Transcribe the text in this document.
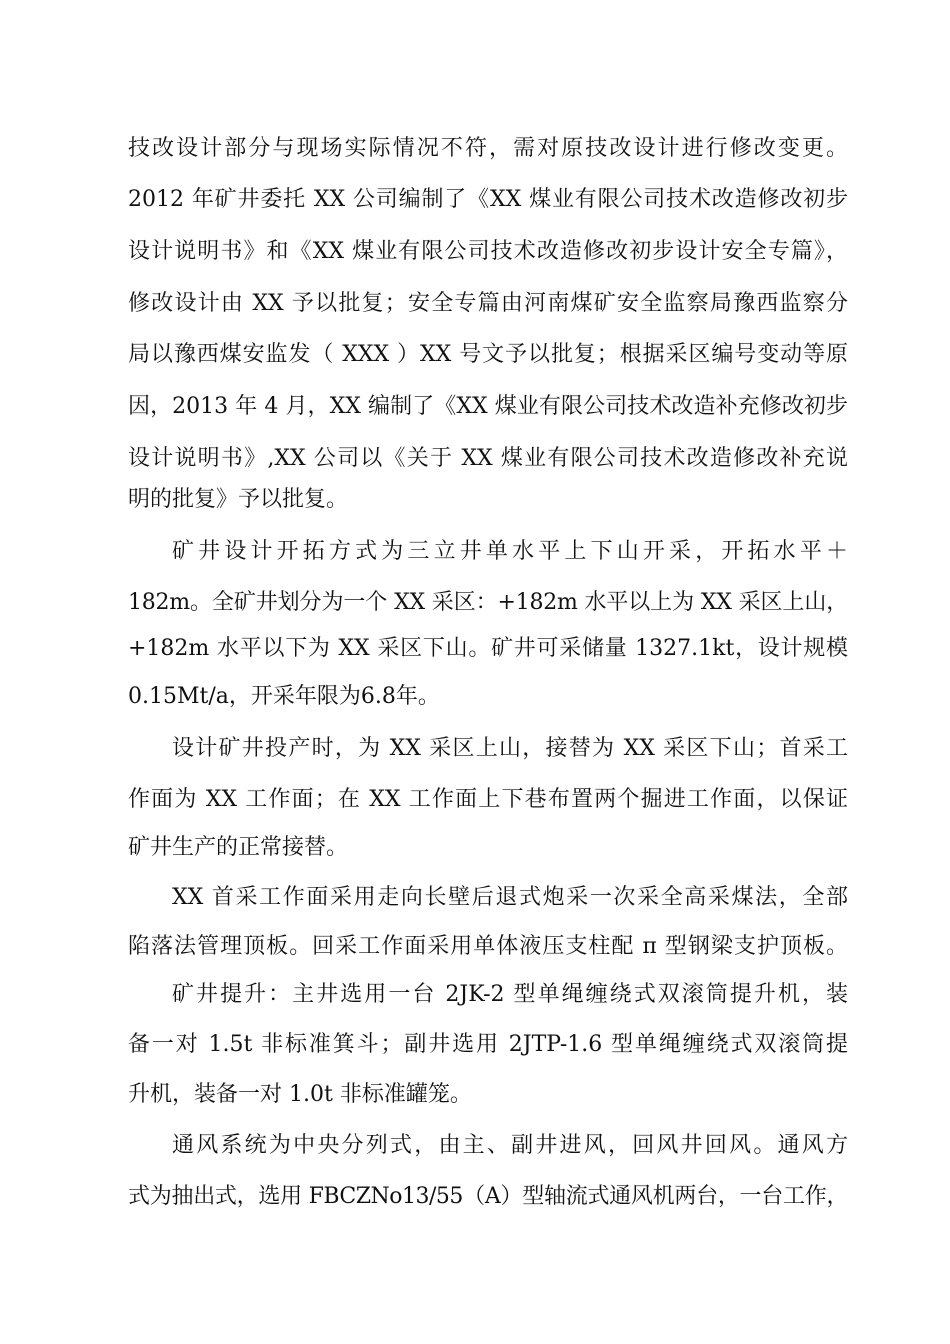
技改设计部分与现场实际情况不符，需对原技改设计进行修改变更。
2012 年矿井委托 XX 公司编制了《XX 煤业有限公司技术改造修改初步
设计说明书》和《XX 煤业有限公司技术改造修改初步设计安全专篇》，
修改设计由 XX 予以批复；安全专篇由河南煤矿安全监察局豫西监察分
局以豫西煤安监发（ XXX ）XX 号文予以批复；根据采区编号变动等原
因，2013 年 4 月，XX 编制了《XX 煤业有限公司技术改造补充修改初步
设计说明书》,XX 公司以《关于 XX 煤业有限公司技术改造修改补充说
明的批复》予以批复。
矿井设计开拓方式为三立井单水平上下山开采，开拓水平＋
182m。全矿井划分为一个 XX 采区：+182m 水平以上为 XX 采区上山，
+182m 水平以下为 XX 采区下山。矿井可采储量 1327.1kt，设计规模
0.15Mt/a，开采年限为6.8年。
设计矿井投产时，为 XX 采区上山，接替为 XX 采区下山；首采工
作面为 XX 工作面；在 XX 工作面上下巷布置两个掘进工作面，以保证
矿井生产的正常接替。
XX 首采工作面采用走向长壁后退式炮采一次采全高采煤法，全部
陷落法管理顶板。回采工作面采用单体液压支柱配 π 型钢梁支护顶板。
矿井提升：主井选用一台 2JK-2 型单绳缠绕式双滚筒提升机，装
备一对 1.5t 非标准箕斗；副井选用 2JTP-1.6 型单绳缠绕式双滚筒提
升机，装备一对 1.0t 非标准罐笼。
通风系统为中央分列式，由主、副井进风，回风井回风。通风方
式为抽出式，选用 FBCZNo13/55（A）型轴流式通风机两台，一台工作，
